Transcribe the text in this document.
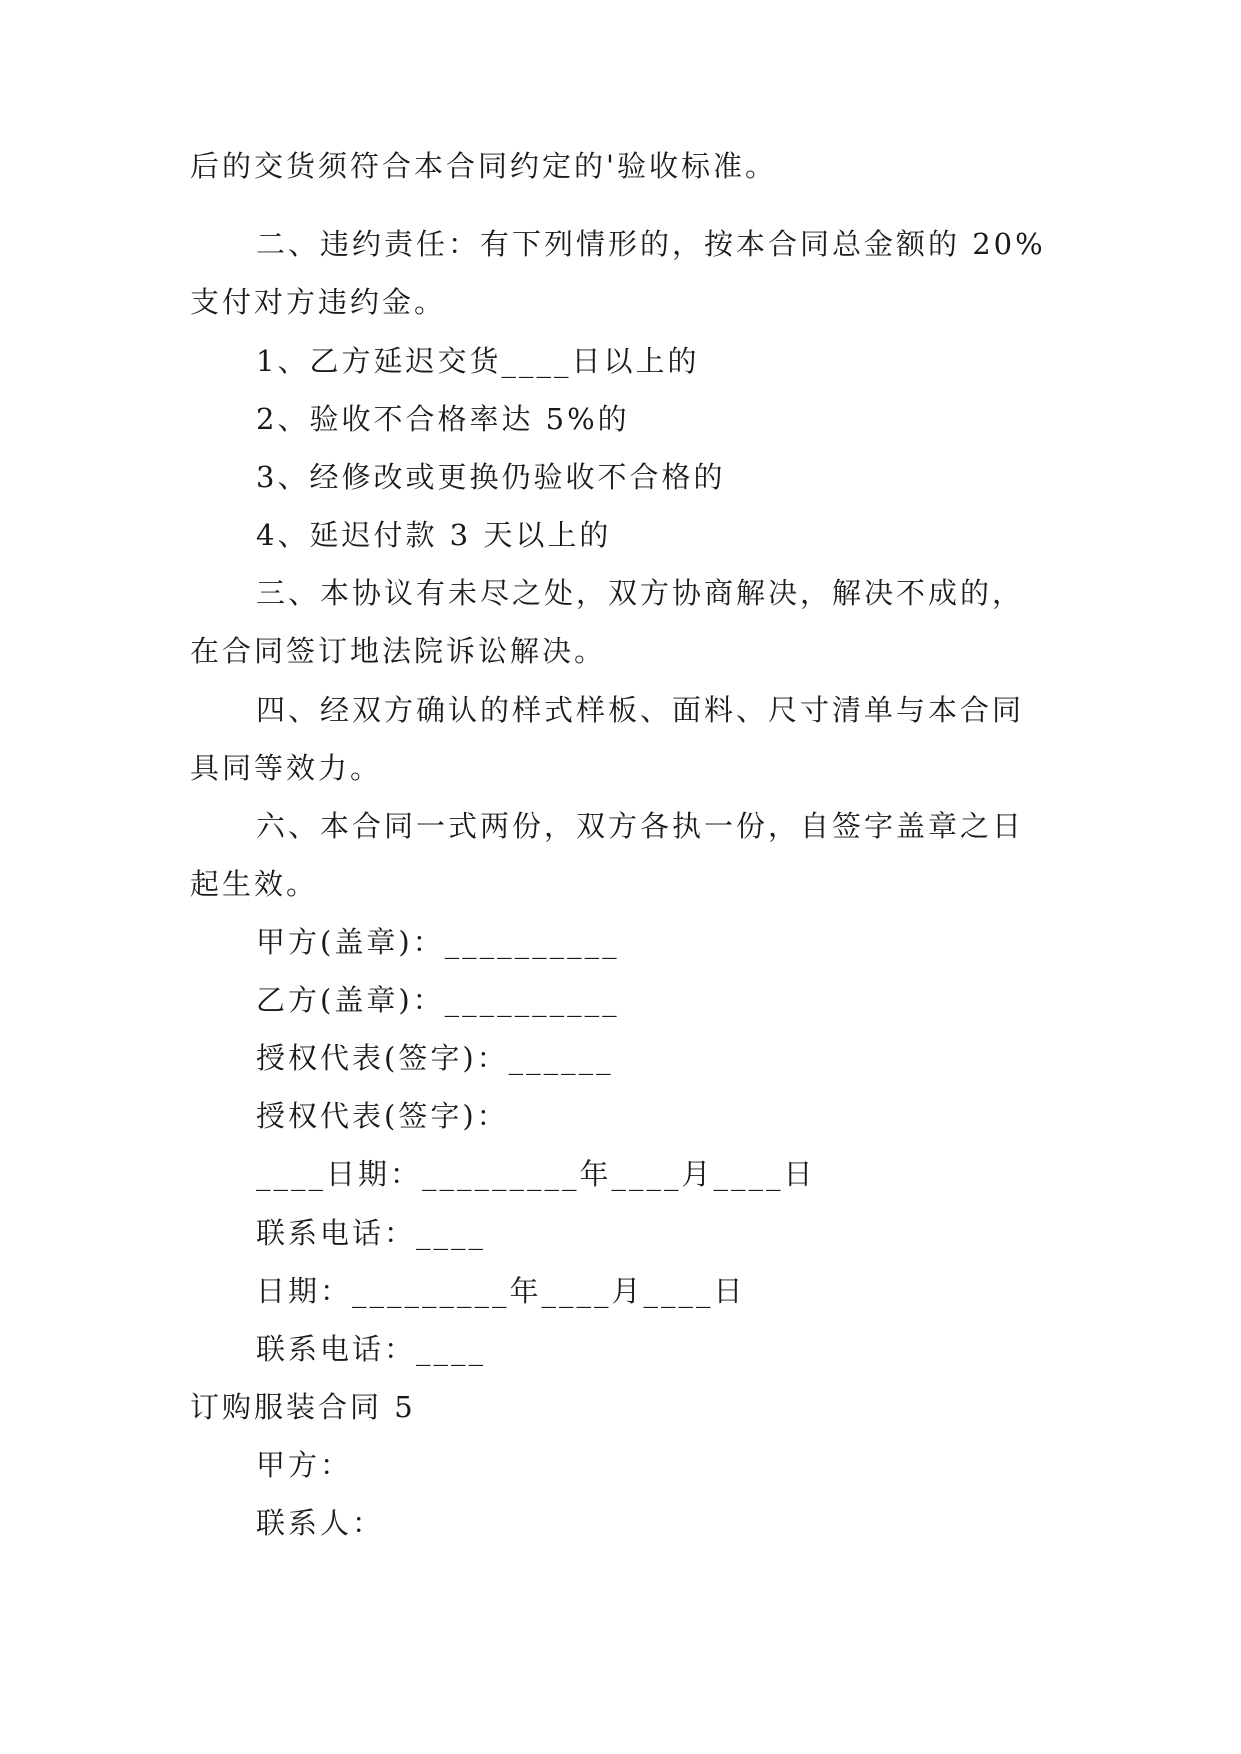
后的交货须符合本合同约定的'验收标准。
二、违约责任：有下列情形的，按本合同总金额的 20%
支付对方违约金。
1、乙方延迟交货____日以上的
2、验收不合格率达 5%的
3、经修改或更换仍验收不合格的
4、延迟付款 3 天以上的
三、本协议有未尽之处，双方协商解决，解决不成的，
在合同签订地法院诉讼解决。
四、经双方确认的样式样板、面料、尺寸清单与本合同
具同等效力。
六、本合同一式两份，双方各执一份，自签字盖章之日
起生效。
甲方(盖章)：__________
乙方(盖章)：__________
授权代表(签字)：______
授权代表(签字)：
____日期：_________年____月____日
联系电话：____
日期：_________年____月____日
联系电话：____
订购服装合同 5
甲方：
联系人：
